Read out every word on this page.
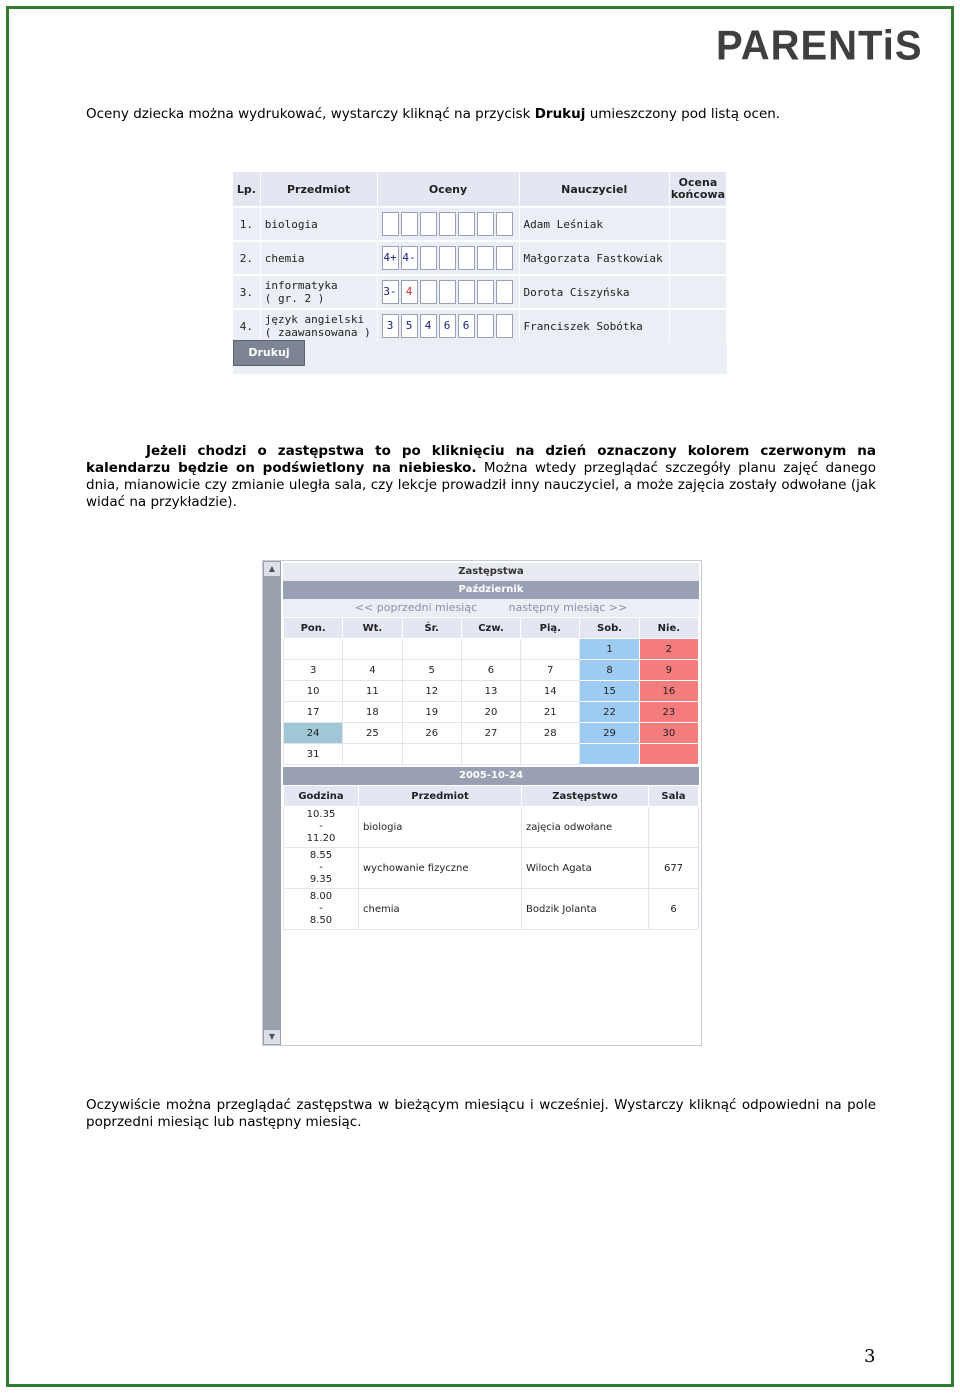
PARENTiS

Oceny dziecka można wydrukować, wystarczy kliknąć na przycisk Drukuj umieszczony pod listą ocen.

Lp.	Przedmiot	Oceny	Nauczyciel	Ocena
końcowa
1.	biologia		Adam Leśniak	
2.	chemia	4+ 4-	Małgorzata Fastkowiak	
3.	informatyka
( gr. 2 )	3- 4	Dorota Ciszyńska	
4.	język angielski
( zaawansowana )	3 5 4 6 6	Franciszek Sobótka	
Drukuj

Jeżeli chodzi o zastępstwa to po kliknięciu na dzień oznaczony kolorem czerwonym na kalendarzu będzie on podświetlony na niebiesko. Można wtedy przeglądać szczegóły planu zajęć danego dnia, mianowicie czy zmianie uległa sala, czy lekcje prowadził inny nauczyciel, a może zajęcia zostały odwołane (jak widać na przykładzie).

▲
▼
Zastępstwa
Październik
<< poprzedni miesiąc	następny miesiąc >>
Pon.	Wt.	Śr.	Czw.	Pią.	Sob.	Nie.
					1	2
3	4	5	6	7	8	9
10	11	12	13	14	15	16
17	18	19	20	21	22	23
24	25	26	27	28	29	30
31						
2005-10-24
Godzina	Przedmiot	Zastępstwo	Sala
10.35
-
11.20	biologia	zajęcia odwołane	
8.55
-
9.35	wychowanie fizyczne	Wiloch Agata	677
8.00
-
8.50	chemia	Bodzik Jolanta	6

Oczywiście można przeglądać zastępstwa w bieżącym miesiącu i wcześniej. Wystarczy kliknąć odpowiedni na pole poprzedni miesiąc lub następny miesiąc.

3
